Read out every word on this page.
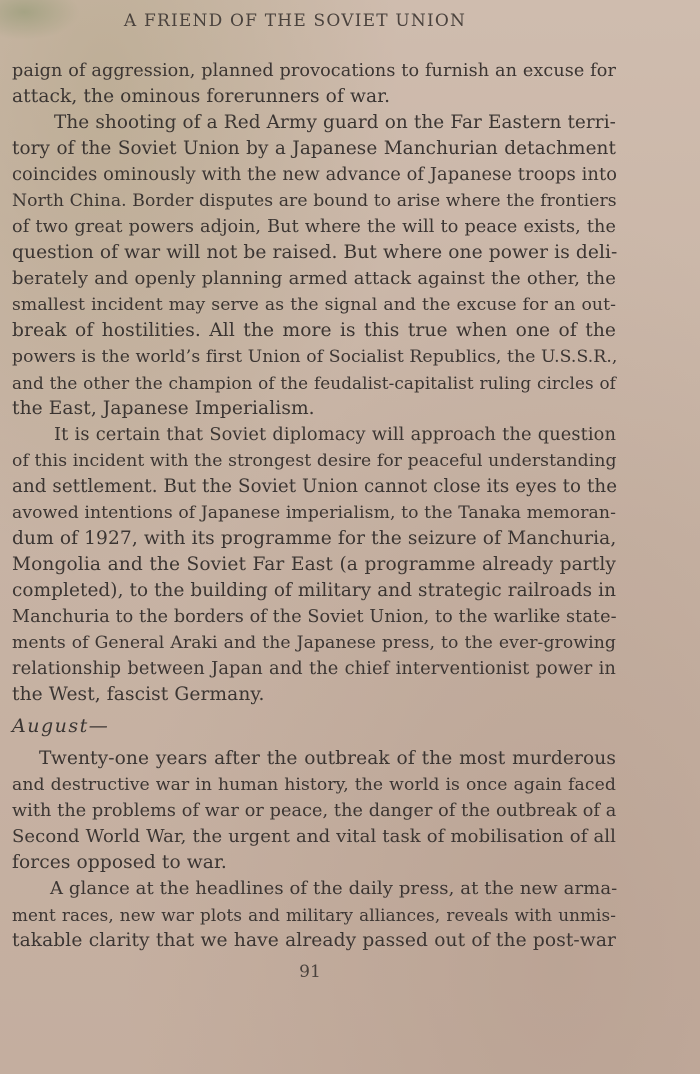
A FRIEND OF THE SOVIET UNION
paign of aggression, planned provocations to furnish an excuse for
attack, the ominous forerunners of war.
The shooting of a Red Army guard on the Far Eastern terri-
tory of the Soviet Union by a Japanese Manchurian detachment
coincides ominously with the new advance of Japanese troops into
North China. Border disputes are bound to arise where the frontiers
of two great powers adjoin, But where the will to peace exists, the
question of war will not be raised. But where one power is deli-
berately and openly planning armed attack against the other, the
smallest incident may serve as the signal and the excuse for an out-
break of hostilities. All the more is this true when one of the
powers is the world’s first Union of Socialist Republics, the U.S.S.R.,
and the other the champion of the feudalist-capitalist ruling circles of
the East, Japanese Imperialism.
It is certain that Soviet diplomacy will approach the question
of this incident with the strongest desire for peaceful understanding
and settlement. But the Soviet Union cannot close its eyes to the
avowed intentions of Japanese imperialism, to the Tanaka memoran-
dum of 1927, with its programme for the seizure of Manchuria,
Mongolia and the Soviet Far East (a programme already partly
completed), to the building of military and strategic railroads in
Manchuria to the borders of the Soviet Union, to the warlike state-
ments of General Araki and the Japanese press, to the ever-growing
relationship between Japan and the chief interventionist power in
the West, fascist Germany.
August—
Twenty-one years after the outbreak of the most murderous
and destructive war in human history, the world is once again faced
with the problems of war or peace, the danger of the outbreak of a
Second World War, the urgent and vital task of mobilisation of all
forces opposed to war.
A glance at the headlines of the daily press, at the new arma-
ment races, new war plots and military alliances, reveals with unmis-
takable clarity that we have already passed out of the post-war
91
